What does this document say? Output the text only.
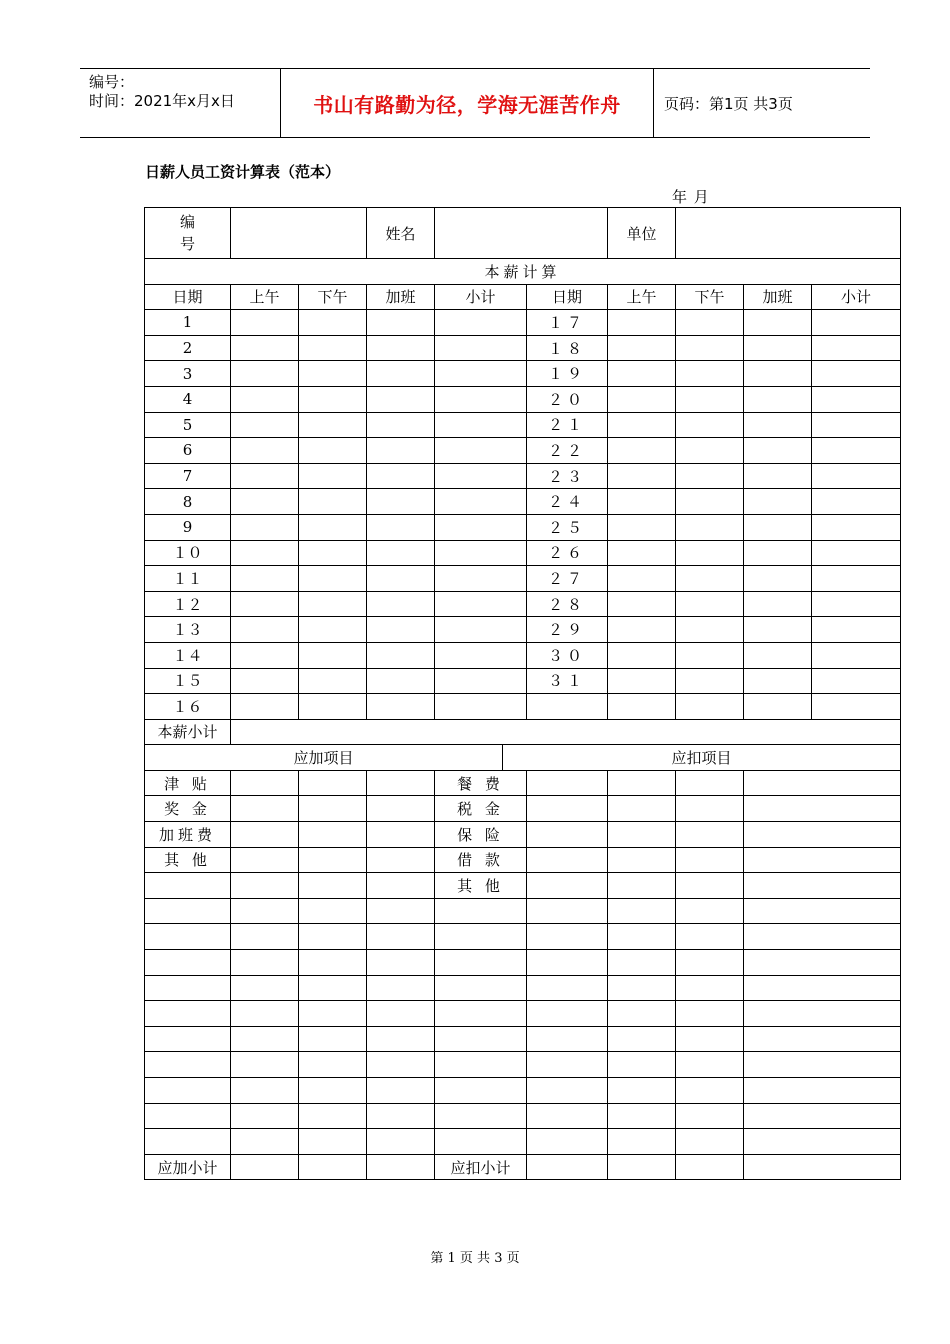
编号：
时间：2021年x月x日	书山有路勤为径，学海无涯苦作舟	页码：第1页 共3页
日薪人员工资计算表（范本）
年 月
编号			姓名				单位			
本薪计算										
日期	上午	下午	加班	小计		日期	上午	下午	加班	小计
1						１７				
2						１８				
3						１９				
4						２０				
5						２１				
6						２２				
7						２３				
8						２４				
9						２５				
１０						２６				
１１						２７				
１２						２８				
１３						２９				
１４						３０				
１５						３１				
１６										
本薪小计										
应加项目					应扣项目					
津 贴				餐 费						
奖 金				税 金						
加班费				保 险						
其 他				借 款						
				其 他						

应加小计				应扣小计						
第 1 页 共 3 页
